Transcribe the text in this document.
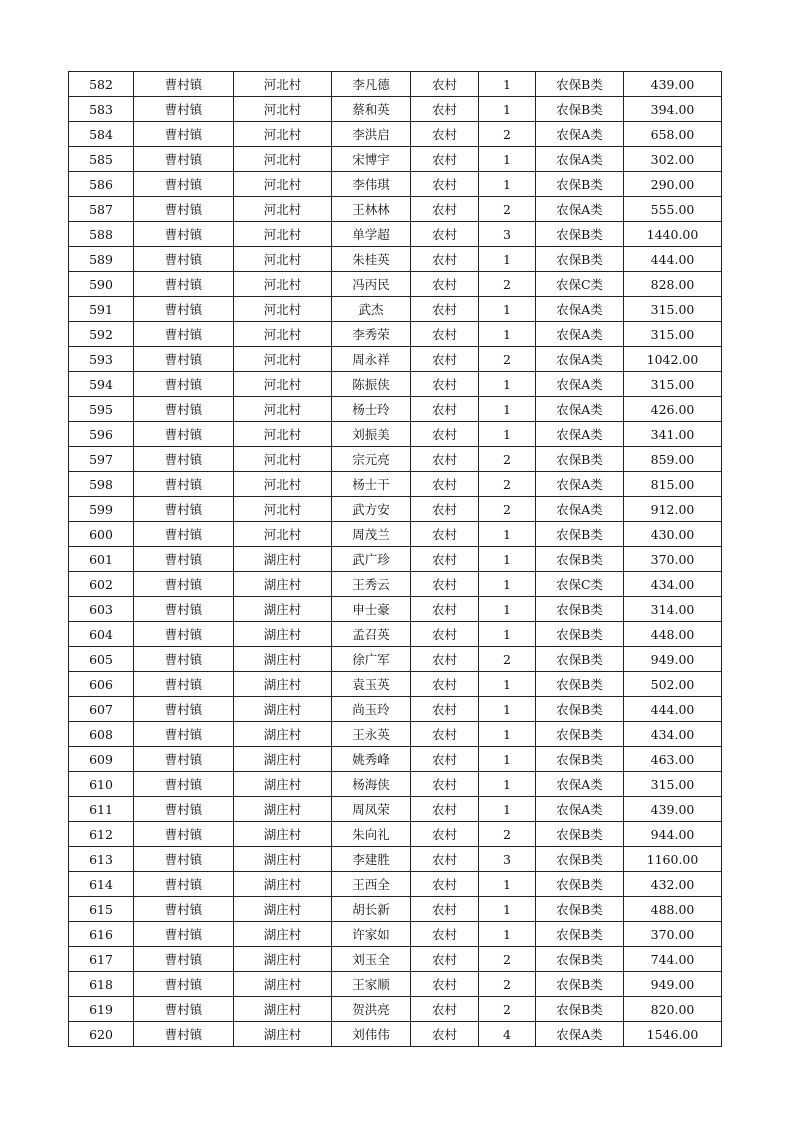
582	曹村镇	河北村	李凡德	农村	1	农保B类	439.00
583	曹村镇	河北村	蔡和英	农村	1	农保B类	394.00
584	曹村镇	河北村	李洪启	农村	2	农保A类	658.00
585	曹村镇	河北村	宋博宇	农村	1	农保A类	302.00
586	曹村镇	河北村	李伟琪	农村	1	农保B类	290.00
587	曹村镇	河北村	王林林	农村	2	农保A类	555.00
588	曹村镇	河北村	单学超	农村	3	农保B类	1440.00
589	曹村镇	河北村	朱桂英	农村	1	农保B类	444.00
590	曹村镇	河北村	冯丙民	农村	2	农保C类	828.00
591	曹村镇	河北村	武杰	农村	1	农保A类	315.00
592	曹村镇	河北村	李秀荣	农村	1	农保A类	315.00
593	曹村镇	河北村	周永祥	农村	2	农保A类	1042.00
594	曹村镇	河北村	陈振侠	农村	1	农保A类	315.00
595	曹村镇	河北村	杨士玲	农村	1	农保A类	426.00
596	曹村镇	河北村	刘振美	农村	1	农保A类	341.00
597	曹村镇	河北村	宗元亮	农村	2	农保B类	859.00
598	曹村镇	河北村	杨士干	农村	2	农保A类	815.00
599	曹村镇	河北村	武方安	农村	2	农保A类	912.00
600	曹村镇	河北村	周茂兰	农村	1	农保B类	430.00
601	曹村镇	湖庄村	武广珍	农村	1	农保B类	370.00
602	曹村镇	湖庄村	王秀云	农村	1	农保C类	434.00
603	曹村镇	湖庄村	申士豪	农村	1	农保B类	314.00
604	曹村镇	湖庄村	孟召英	农村	1	农保B类	448.00
605	曹村镇	湖庄村	徐广军	农村	2	农保B类	949.00
606	曹村镇	湖庄村	袁玉英	农村	1	农保B类	502.00
607	曹村镇	湖庄村	尚玉玲	农村	1	农保B类	444.00
608	曹村镇	湖庄村	王永英	农村	1	农保B类	434.00
609	曹村镇	湖庄村	姚秀峰	农村	1	农保B类	463.00
610	曹村镇	湖庄村	杨海侠	农村	1	农保A类	315.00
611	曹村镇	湖庄村	周凤荣	农村	1	农保A类	439.00
612	曹村镇	湖庄村	朱向礼	农村	2	农保B类	944.00
613	曹村镇	湖庄村	李建胜	农村	3	农保B类	1160.00
614	曹村镇	湖庄村	王西全	农村	1	农保B类	432.00
615	曹村镇	湖庄村	胡长新	农村	1	农保B类	488.00
616	曹村镇	湖庄村	许家如	农村	1	农保B类	370.00
617	曹村镇	湖庄村	刘玉全	农村	2	农保B类	744.00
618	曹村镇	湖庄村	王家顺	农村	2	农保B类	949.00
619	曹村镇	湖庄村	贺洪亮	农村	2	农保B类	820.00
620	曹村镇	湖庄村	刘伟伟	农村	4	农保A类	1546.00
